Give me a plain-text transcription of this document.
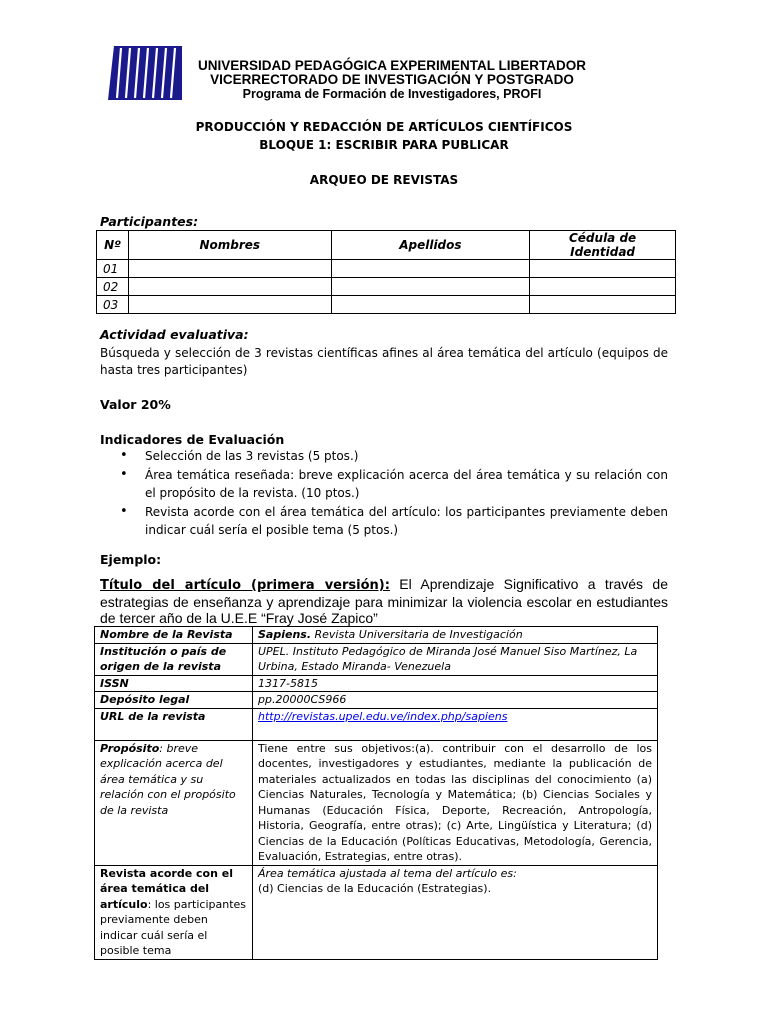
UNIVERSIDAD PEDAGÓGICA EXPERIMENTAL LIBERTADOR
VICERRECTORADO DE INVESTIGACIÓN Y POSTGRADO
Programa de Formación de Investigadores, PROFI
PRODUCCIÓN Y REDACCIÓN DE ARTÍCULOS CIENTÍFICOS
BLOQUE 1: ESCRIBIR PARA PUBLICAR
ARQUEO DE REVISTAS
Participantes:
Nº	Nombres	Apellidos	Cédula de Identidad
01			
02			
03			
Actividad evaluativa:
Búsqueda y selección de 3 revistas científicas afines al área temática del artículo (equipos de hasta tres participantes)
Valor 20%
Indicadores de Evaluación
• Selección de las 3 revistas (5 ptos.)
• Área temática reseñada: breve explicación acerca del área temática y su relación con el propósito de la revista. (10 ptos.)
• Revista acorde con el área temática del artículo: los participantes previamente deben indicar cuál sería el posible tema (5 ptos.)
Ejemplo:
Título del artículo (primera versión): El Aprendizaje Significativo a través de estrategias de enseñanza y aprendizaje para minimizar la violencia escolar en estudiantes de tercer año de la U.E.E “Fray José Zapico”
Nombre de la Revista	Sapiens. Revista Universitaria de Investigación
Institución o país de origen de la revista	UPEL. Instituto Pedagógico de Miranda José Manuel Siso Martínez, La Urbina, Estado Miranda- Venezuela
ISSN	1317-5815
Depósito legal	pp.20000CS966
URL de la revista	http://revistas.upel.edu.ve/index.php/sapiens
Propósito: breve explicación acerca del área temática y su relación con el propósito de la revista	Tiene entre sus objetivos:(a). contribuir con el desarrollo de los docentes, investigadores y estudiantes, mediante la publicación de materiales actualizados en todas las disciplinas del conocimiento (a) Ciencias Naturales, Tecnología y Matemática; (b) Ciencias Sociales y Humanas (Educación Física, Deporte, Recreación, Antropología, Historia, Geografía, entre otras); (c) Arte, Lingüística y Literatura; (d) Ciencias de la Educación (Políticas Educativas, Metodología, Gerencia, Evaluación, Estrategias, entre otras).
Revista acorde con el área temática del artículo: los participantes previamente deben indicar cuál sería el posible tema	Área temática ajustada al tema del artículo es:
(d) Ciencias de la Educación (Estrategias).
